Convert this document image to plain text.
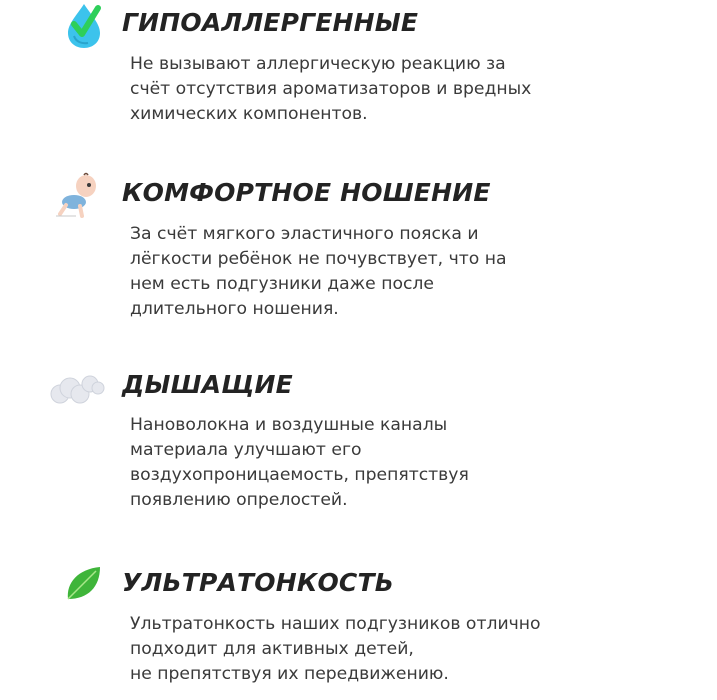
ГИПОАЛЛЕРГЕННЫЕ

Не вызывают аллергическую реакцию за
счёт отсутствия ароматизаторов и вредных
химических компонентов.

КОМФОРТНОЕ НОШЕНИЕ

За счёт мягкого эластичного пояска и
лёгкости ребёнок не почувствует, что на
нем есть подгузники даже после
длительного ношения.

ДЫШАЩИЕ

Нановолокна и воздушные каналы
материала улучшают его
воздухопроницаемость, препятствуя
появлению опрелостей.

УЛЬТРАТОНКОСТЬ

Ультратонкость наших подгузников отлично
подходит для активных детей,
не препятствуя их передвижению.
